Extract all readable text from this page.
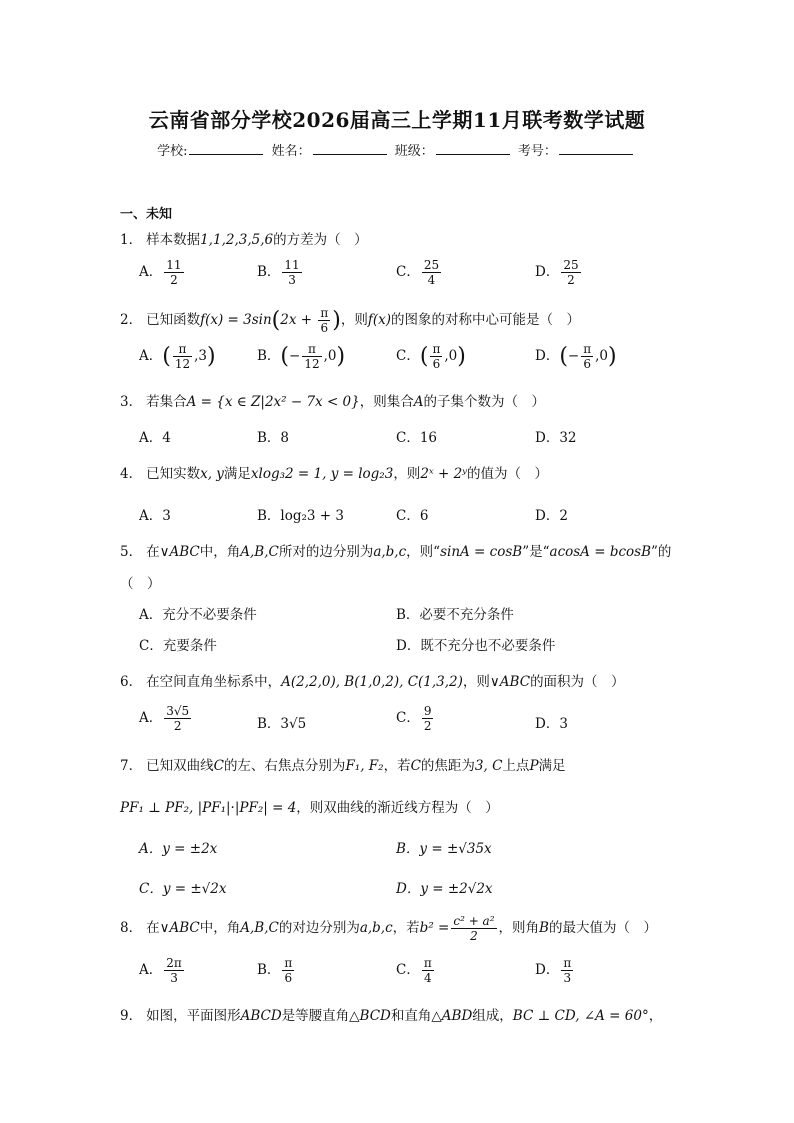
云南省部分学校2026届高三上学期11月联考数学试题
学校:	姓名：	班级：	考号：
一、未知
1． 样本数据1,1,2,3,5,6的方差为（　）
A． $\frac{11}{2}$	B． $\frac{11}{3}$	C． $\frac{25}{4}$	D． $\frac{25}{2}$
2． 已知函数$f(x) = 3\sin(2x + \frac{\pi}{6}$ )，则f(x)的图象的对称中心可能是（　）
A．( $\frac{\pi}{12} ,3$)	B．(− $\frac{\pi}{12} ,0$)	C．( $\frac{\pi}{6} ,0$)	D．(− $\frac{\pi}{6} ,0$)
3． 若集合A = {x ∈ Z|2x² − 7x < 0}，则集合A的子集个数为（　）
A．4	B．8	C．16	D．32
4． 已知实数x, y满足xlog₃2 = 1, y = log₂3，则2ˣ + 2ʸ的值为（　）
A．3	B．log₂3 + 3	C．6	D．2
5． 在∨ABC中，角A,B,C所对的边分别为a,b,c，则“sinA = cosB”是“acosA = bcosB”的
（　）
A．充分不必要条件	B．必要不充分条件
C．充要条件	D．既不充分也不必要条件
6． 在空间直角坐标系中，A(2,2,0), B(1,0,2), C(1,3,2)，则∨ABC的面积为（　）
A． $\frac{3√5}{2}$	B．3√5	C． $\frac{9}{2}$	D．3
7． 已知双曲线C的左、右焦点分别为F₁, F₂，若C的焦距为3, C上点P满足
PF₁ ⊥ PF₂, |PF₁|·|PF₂| = 4，则双曲线的渐近线方程为（　）
A．y = ±2x	B．y = ±√35x
C．y = ±√2x	D．y = ±2√2x
8． 在∨ABC中，角A,B,C的对边分别为a,b,c，若$b^2 = \frac{\text{c² + a²}}{2}$ ，则角B的最大值为（　）
A． $\frac{2\pi}{3}$	B． $\frac{\pi}{6}$	C． $\frac{\pi}{4}$	D． $\frac{\pi}{3}$
9． 如图，平面图形ABCD是等腰直角△BCD和直角△ABD组成，BC ⊥ CD, ∠A = 60°，
